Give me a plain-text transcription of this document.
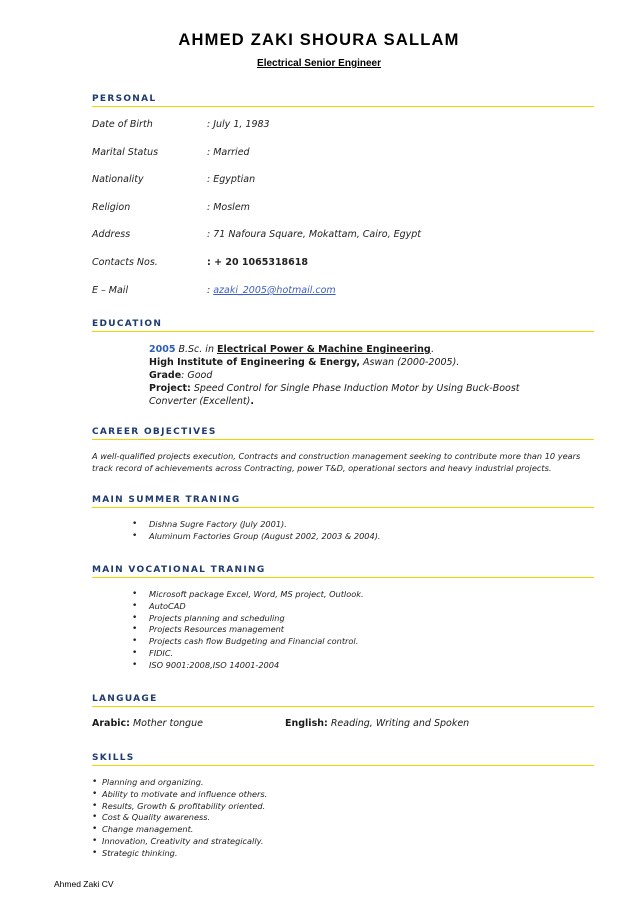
AHMED ZAKI SHOURA SALLAM
Electrical Senior Engineer
PERSONAL
Date of Birth	: July 1, 1983
Marital Status	: Married
Nationality	: Egyptian
Religion	: Moslem
Address	: 71 Nafoura Square, Mokattam, Cairo, Egypt
Contacts Nos.	: + 20 1065318618
E – Mail	: azaki_2005@hotmail.com
EDUCATION
2005 B.Sc. in Electrical Power & Machine Engineering.
High Institute of Engineering & Energy, Aswan (2000-2005).
Grade: Good
Project: Speed Control for Single Phase Induction Motor by Using Buck-Boost Converter (Excellent).
CAREER OBJECTIVES
A well-qualified projects execution, Contracts and construction management seeking to contribute more than 10 years track record of achievements across Contracting, power T&D, operational sectors and heavy industrial projects.
MAIN SUMMER TRANING
• Dishna Sugre Factory (July 2001).
• Aluminum Factories Group (August 2002, 2003 & 2004).
MAIN VOCATIONAL TRANING
• Microsoft package Excel, Word, MS project, Outlook.
• AutoCAD
• Projects planning and scheduling
• Projects Resources management
• Projects cash flow Budgeting and Financial control.
• FIDIC.
• ISO 9001:2008,ISO 14001-2004
LANGUAGE
Arabic: Mother tongue	English: Reading, Writing and Spoken
SKILLS
• Planning and organizing.
• Ability to motivate and influence others.
• Results, Growth & profitability oriented.
• Cost & Quality awareness.
• Change management.
• Innovation, Creativity and strategically.
• Strategic thinking.
Ahmed Zaki CV
